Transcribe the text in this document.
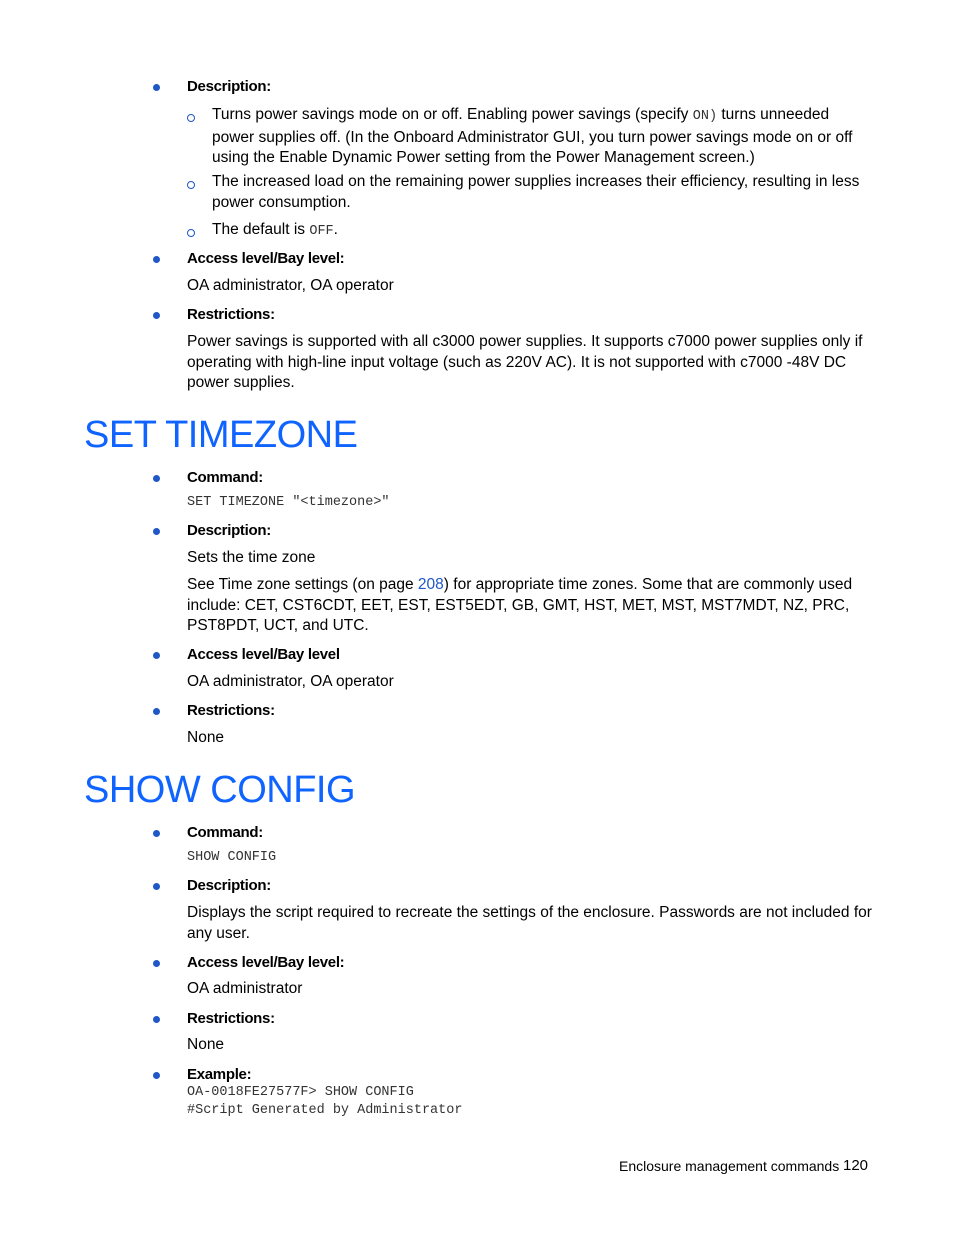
Description:
Turns power savings mode on or off. Enabling power savings (specify ON) turns unneeded power supplies off. (In the Onboard Administrator GUI, you turn power savings mode on or off using the Enable Dynamic Power setting from the Power Management screen.)
The increased load on the remaining power supplies increases their efficiency, resulting in less power consumption.
The default is OFF.
Access level/Bay level:
OA administrator, OA operator
Restrictions:
Power savings is supported with all c3000 power supplies. It supports c7000 power supplies only if operating with high-line input voltage (such as 220V AC). It is not supported with c7000 -48V DC power supplies.
SET TIMEZONE
Command:
SET TIMEZONE "<timezone>"
Description:
Sets the time zone
See Time zone settings (on page 208) for appropriate time zones. Some that are commonly used include: CET, CST6CDT, EET, EST, EST5EDT, GB, GMT, HST, MET, MST, MST7MDT, NZ, PRC, PST8PDT, UCT, and UTC.
Access level/Bay level
OA administrator, OA operator
Restrictions:
None
SHOW CONFIG
Command:
SHOW CONFIG
Description:
Displays the script required to recreate the settings of the enclosure. Passwords are not included for any user.
Access level/Bay level:
OA administrator
Restrictions:
None
Example:
OA-0018FE27577F> SHOW CONFIG
#Script Generated by Administrator
Enclosure management commands 120
